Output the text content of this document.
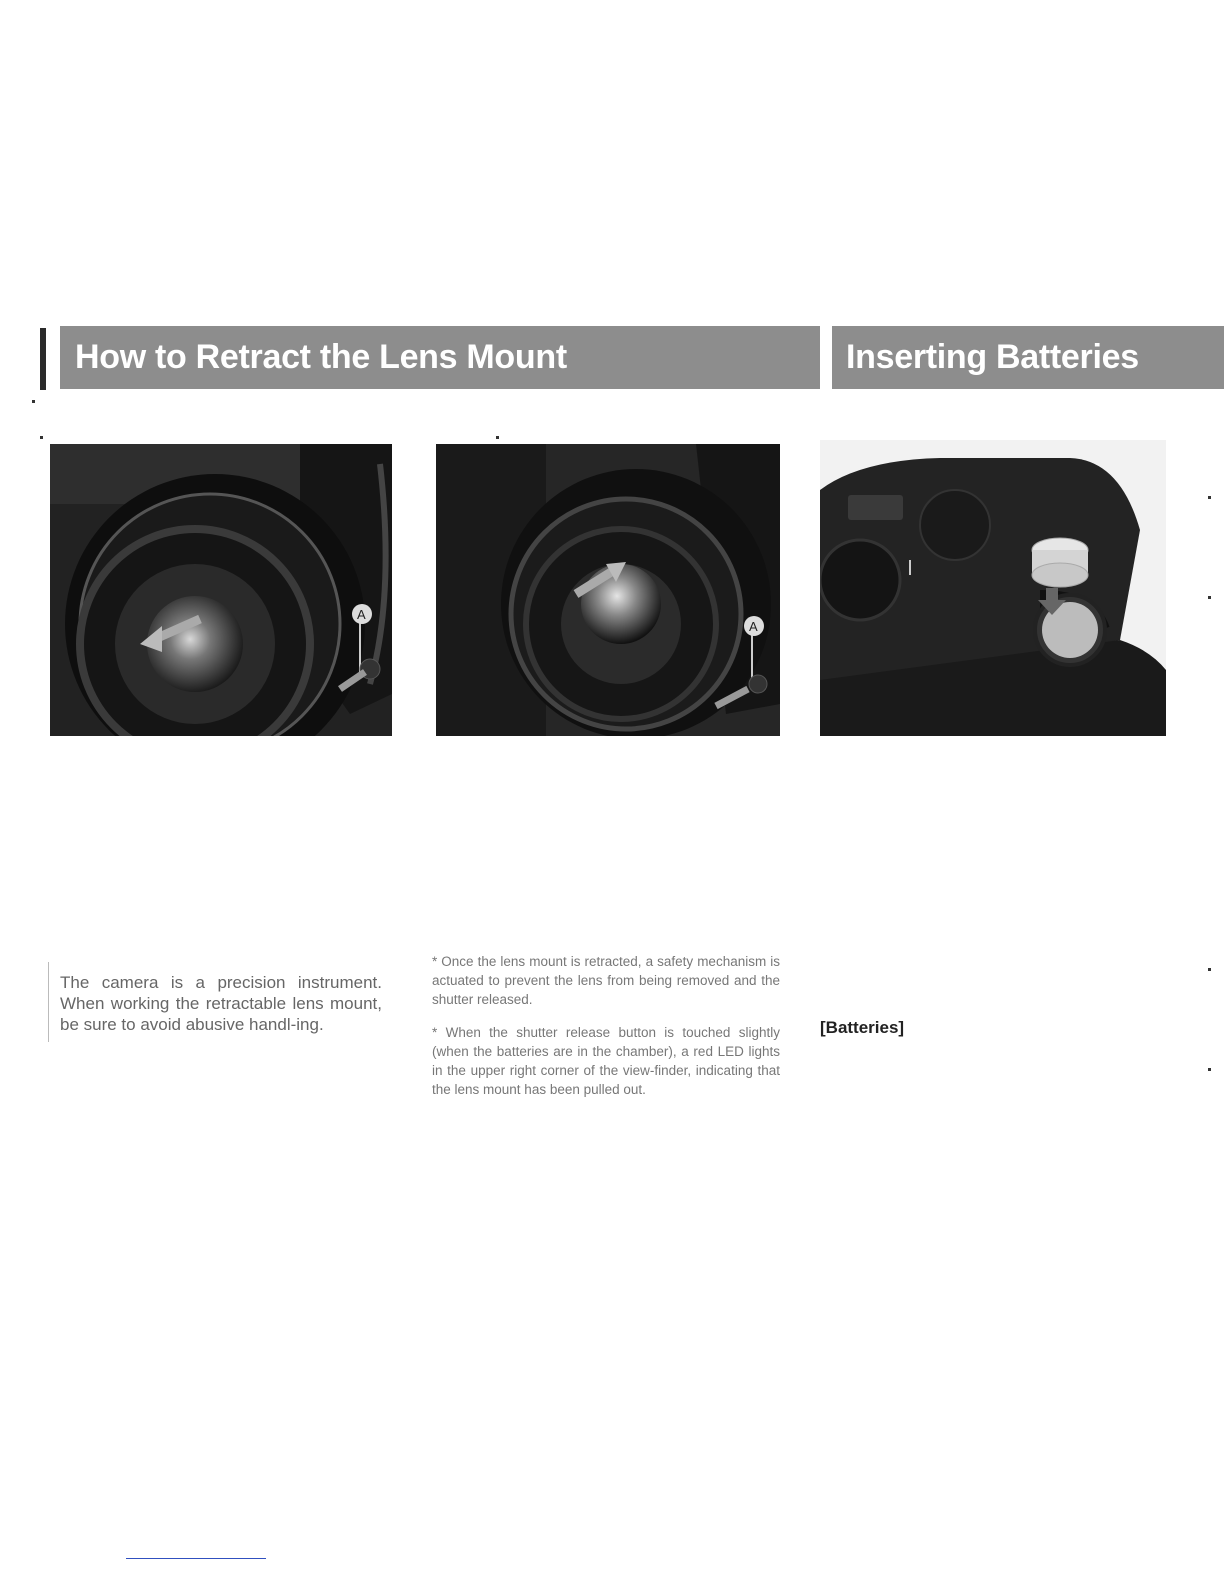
How to Retract the Lens Mount	Inserting Batteries
A
A
The camera is a precision instrument. When working the retractable lens mount, be sure to avoid abusive handl-ing.

* Once the lens mount is retracted, a safety mechanism is actuated to prevent the lens from being removed and the shutter released.

* When the shutter release button is touched slightly (when the batteries are in the chamber), a red LED lights in the upper right corner of the view-finder, indicating that the lens mount has been pulled out.

[Batteries]
